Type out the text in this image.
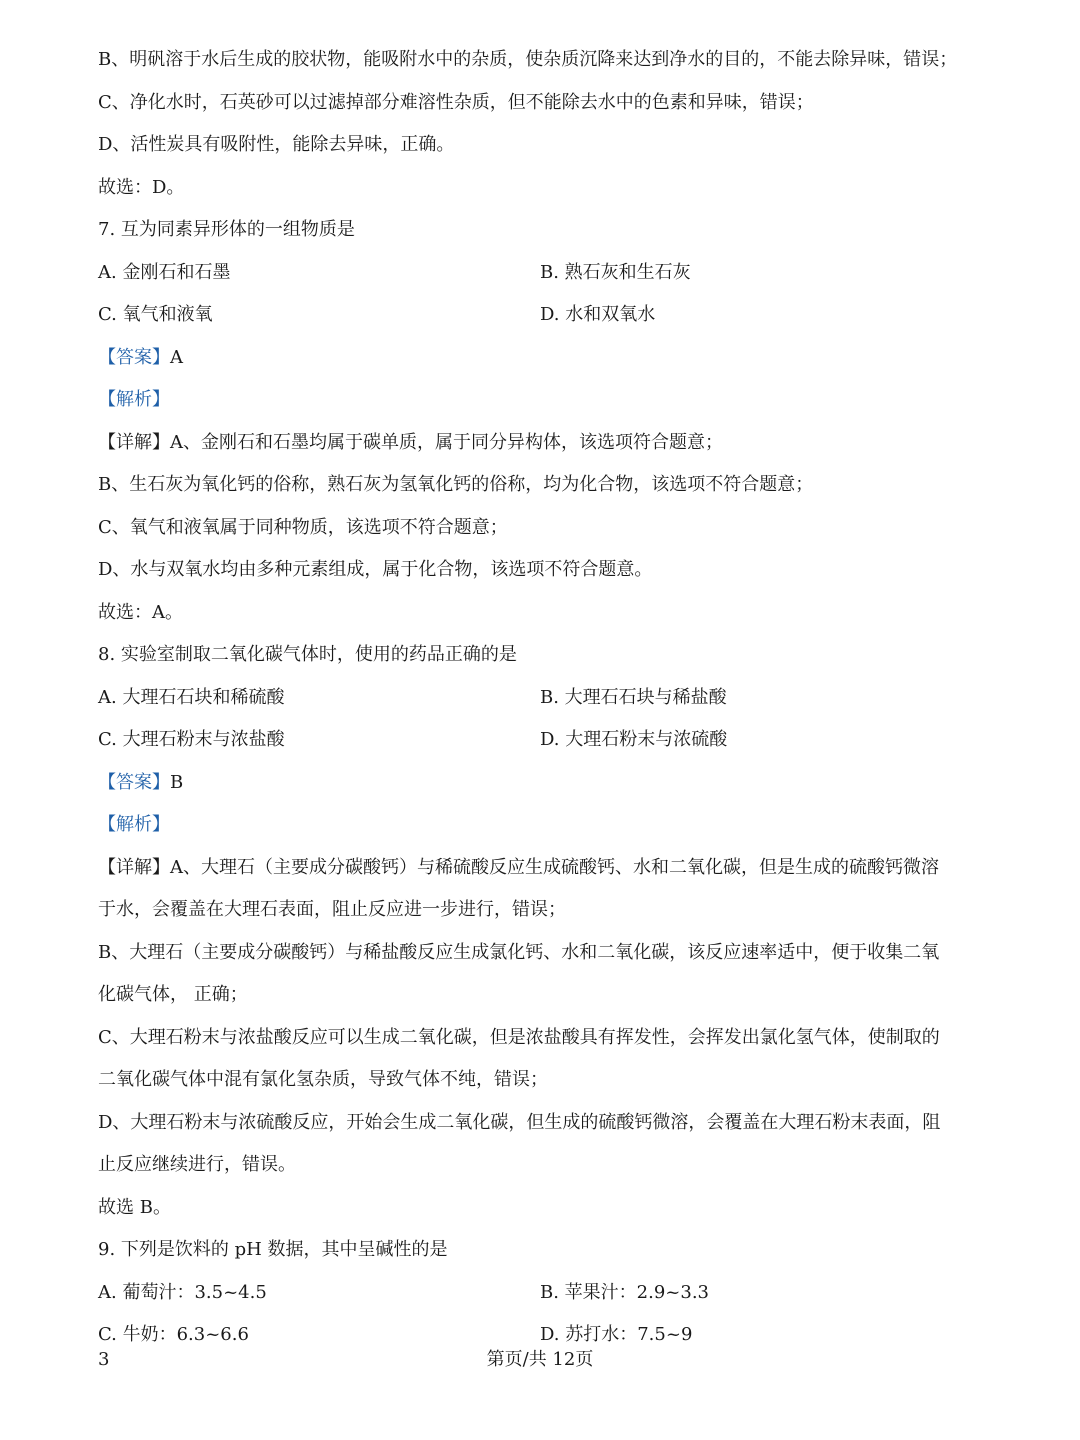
B、明矾溶于水后生成的胶状物，能吸附水中的杂质，使杂质沉降来达到净水的目的，不能去除异味，错误；
C、净化水时，石英砂可以过滤掉部分难溶性杂质，但不能除去水中的色素和异味，错误；
D、活性炭具有吸附性，能除去异味，正确。
故选：D。
7. 互为同素异形体的一组物质是
A. 金刚石和石墨	B. 熟石灰和生石灰
C. 氧气和液氧	D. 水和双氧水
【答案】A
【解析】
【详解】A、金刚石和石墨均属于碳单质，属于同分异构体，该选项符合题意；
B、生石灰为氧化钙的俗称，熟石灰为氢氧化钙的俗称，均为化合物，该选项不符合题意；
C、氧气和液氧属于同种物质，该选项不符合题意；
D、水与双氧水均由多种元素组成，属于化合物，该选项不符合题意。
故选：A。
8. 实验室制取二氧化碳气体时，使用的药品正确的是
A. 大理石石块和稀硫酸	B. 大理石石块与稀盐酸
C. 大理石粉末与浓盐酸	D. 大理石粉末与浓硫酸
【答案】B
【解析】
【详解】A、大理石（主要成分碳酸钙）与稀硫酸反应生成硫酸钙、水和二氧化碳，但是生成的硫酸钙微溶
于水，会覆盖在大理石表面，阻止反应进一步进行，错误；
B、大理石（主要成分碳酸钙）与稀盐酸反应生成氯化钙、水和二氧化碳，该反应速率适中，便于收集二氧
化碳气体， 正确；
C、大理石粉末与浓盐酸反应可以生成二氧化碳，但是浓盐酸具有挥发性，会挥发出氯化氢气体，使制取的
二氧化碳气体中混有氯化氢杂质，导致气体不纯，错误；
D、大理石粉末与浓硫酸反应，开始会生成二氧化碳，但生成的硫酸钙微溶，会覆盖在大理石粉末表面，阻
止反应继续进行，错误。
故选 B。
9. 下列是饮料的 pH 数据，其中呈碱性的是
A. 葡萄汁：3.5~4.5	B. 苹果汁：2.9~3.3
C. 牛奶：6.3~6.6	D. 苏打水：7.5~9
3	第页/共 12页
